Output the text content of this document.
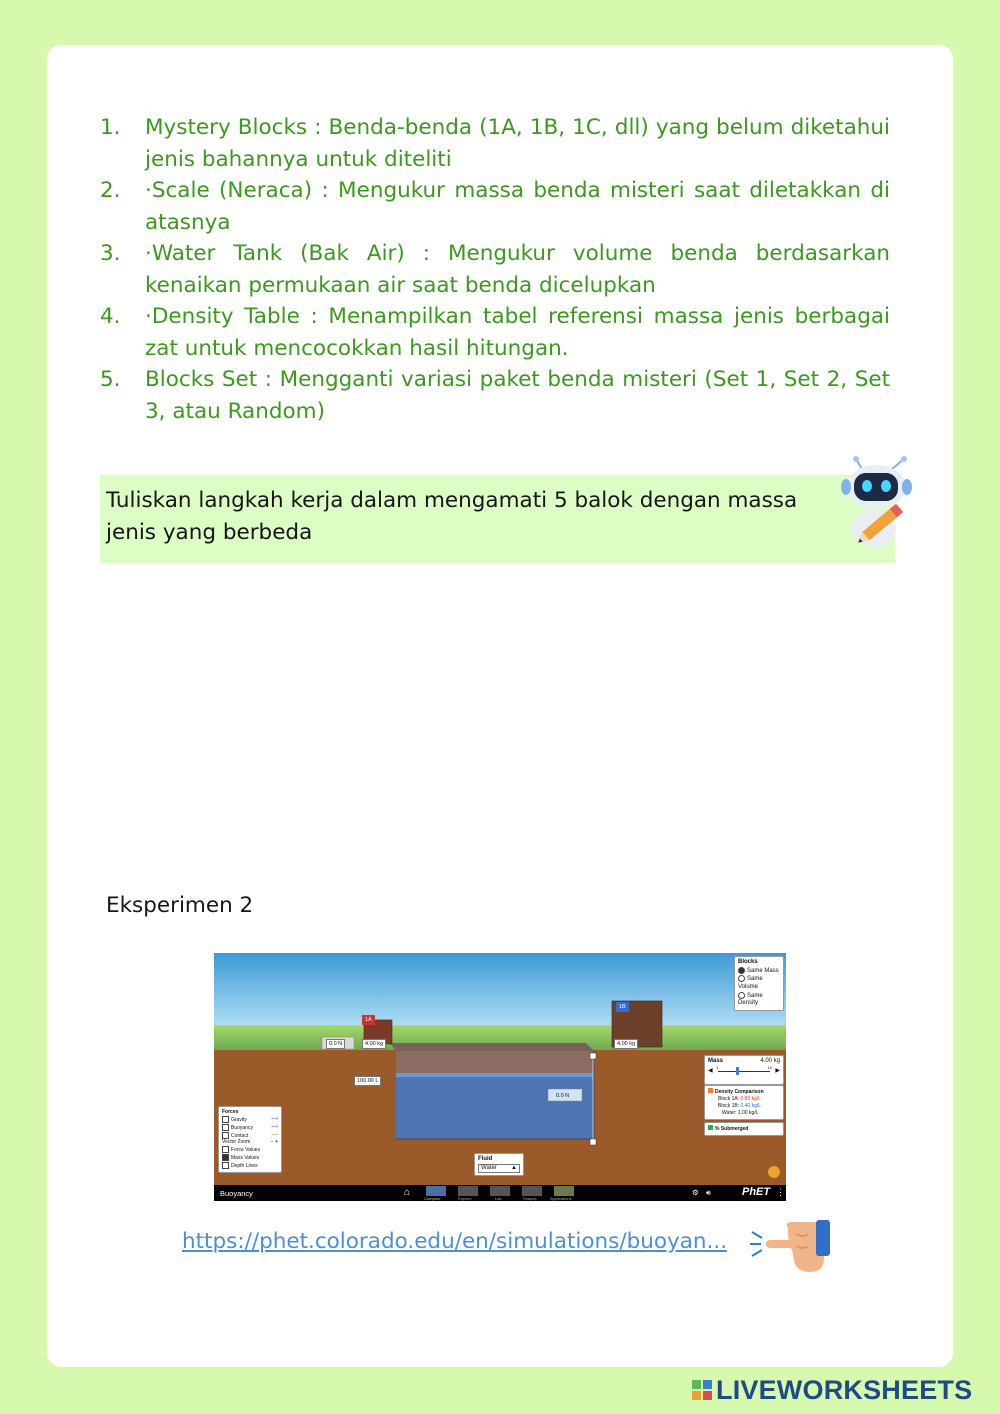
1.	Mystery Blocks : Benda-benda (1A, 1B, 1C, dll) yang belum diketahui jenis bahannya untuk diteliti
2.	·Scale (Neraca) : Mengukur massa benda misteri saat diletakkan di atasnya
3.	·Water Tank (Bak Air) : Mengukur volume benda berdasarkan kenaikan permukaan air saat benda dicelupkan
4.	·Density Table : Menampilkan tabel referensi massa jenis berbagai zat untuk mencocokkan hasil hitungan.
5.	Blocks Set : Mengganti variasi paket benda misteri (Set 1, Set 2, Set 3, atau Random)
Tuliskan langkah kerja dalam mengamati 5 balok dengan massa jenis yang berbeda
Eksperimen 2
1A
1B
0.0 N	4.00 kg	4.00 kg
100.00 L
0.0 N
Blocks
Same Mass
Same Volume
Same Density
Mass	4.00 kg
◀
1	10
▶
Density Comparison
Block 1A: 0.80 kg/L
Block 1B: 0.40 kg/L
Water: 1.00 kg/L
% Submerged
Forces
Gravity	⟶
Buoyancy	⟶
Contact	⟶
Vector Zoom	− +
Force Values
Mass Values
Depth Lines
Fluid
Water ▲
Buoyancy	⌂
Compare	Explore	Lab	Shapes	Applications
⚙ 🔊︎	PhET ⋮
https://phet.colorado.edu/en/simulations/buoyan...
LIVEWORKSHEETS
